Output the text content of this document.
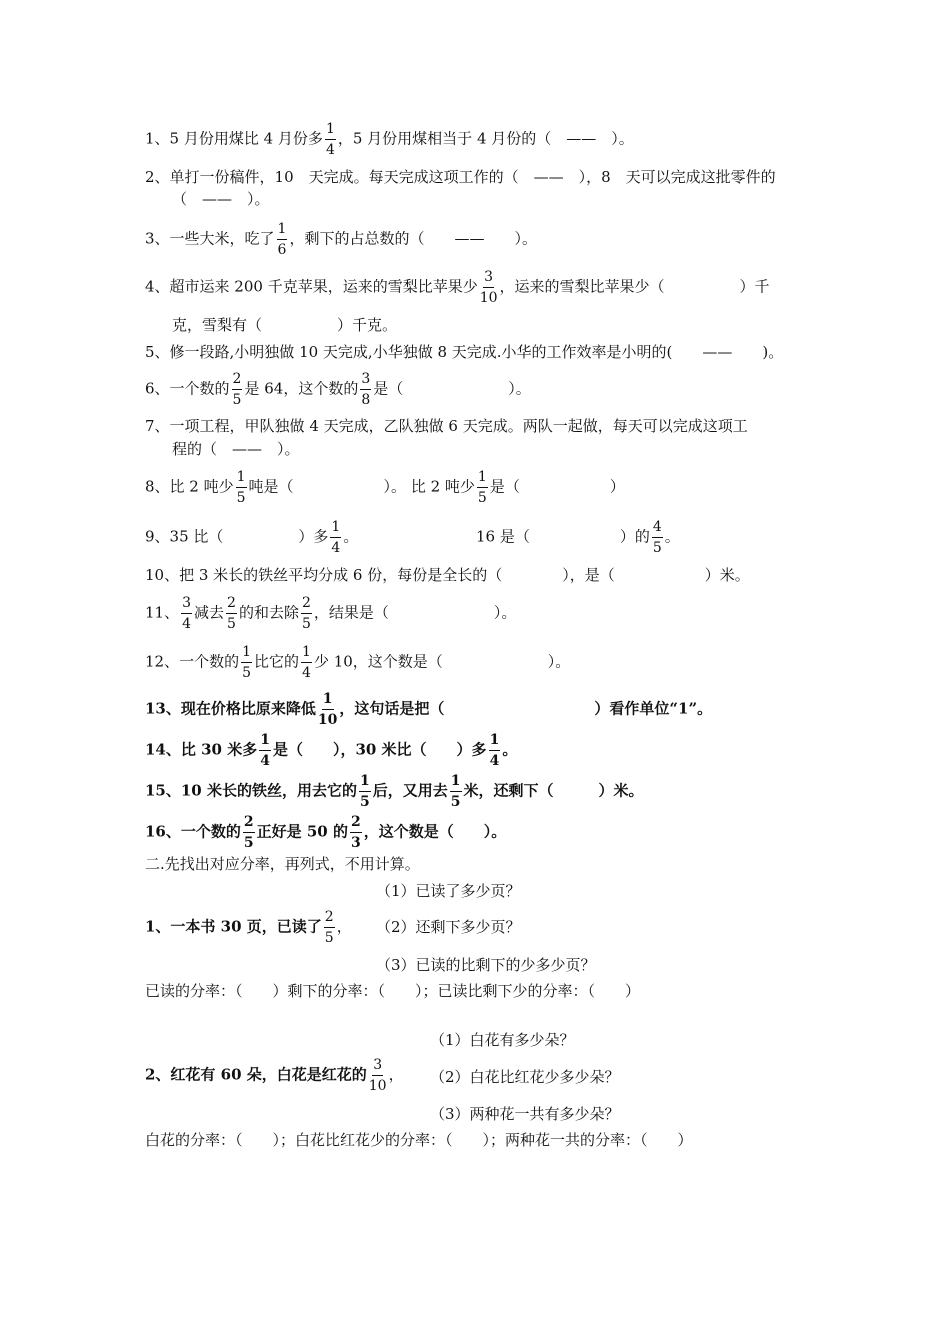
1、5 月份用煤比 4 月份多 $\frac{1}{4}$ ，5 月份用煤相当于 4 月份的（　——　）。
2、单打一份稿件，10　天完成。每天完成这项工作的（　——　），8　天可以完成这批零件的
（　——　）。
3、一些大米，吃了 $\frac{1}{6}$ ，剩下的占总数的（　　——　　）。
4、超市运来 200 千克苹果，运来的雪梨比苹果少 $\frac{3}{10}$ ，运来的雪梨比苹果少（　　　　　）千
克，雪梨有（　　　　　）千克。
5、修一段路,小明独做 10 天完成,小华独做 8 天完成.小华的工作效率是小明的(　　——　　)。
6、一个数的 $\frac{2}{5}$ 是 64，这个数的 $\frac{3}{8}$ 是（　　　　　　　）。
7、一项工程，甲队独做 4 天完成，乙队独做 6 天完成。两队一起做，每天可以完成这项工
程的（　——　）。
8、比 2 吨少 $\frac{1}{5}$ 吨是（　　　　　　）。 比 2 吨少 $\frac{1}{5}$ 是（　　　　　　）
9、35 比（　　　　　）多 $\frac{1}{4}$ 。	16 是（　　　　　　）的 $\frac{4}{5}$ 。
10、把 3 米长的铁丝平均分成 6 份，每份是全长的（　　　　），是（　　　　　　）米。
11、 $\frac{3}{4}$ 减去 $\frac{2}{5}$ 的和去除 $\frac{2}{5}$ ，结果是（　　　　　　　）。
12、一个数的 $\frac{1}{5}$ 比它的 $\frac{1}{4}$ 少 10，这个数是（　　　　　　　）。
13、现在价格比原来降低 $\frac{1}{10}$ ，这句话是把（　　　　　　　　　　）看作单位“1”。
14、比 30 米多 $\frac{1}{4}$ 是（　　），30 米比（　　）多 $\frac{1}{4}$ 。
15、10 米长的铁丝，用去它的 $\frac{1}{5}$ 后，又用去 $\frac{1}{5}$ 米，还剩下（　　　）米。
16、一个数的 $\frac{2}{5}$ 正好是 50 的 $\frac{2}{3}$ ，这个数是（　　）。
二.先找出对应分率，再列式，不用计算。
（1）已读了多少页？
1、一本书 30 页，已读了 $\frac{2}{5}$ ， （2）还剩下多少页？
（3）已读的比剩下的少多少页？
已读的分率：（　　）剩下的分率：（　　）；已读比剩下少的分率：（　　）
（1）白花有多少朵？
2、红花有 60 朵，白花是红花的 $\frac{3}{10}$ ， （2）白花比红花少多少朵？
（3）两种花一共有多少朵？
白花的分率：（　　）；白花比红花少的分率：（　　）；两种花一共的分率：（　　）
